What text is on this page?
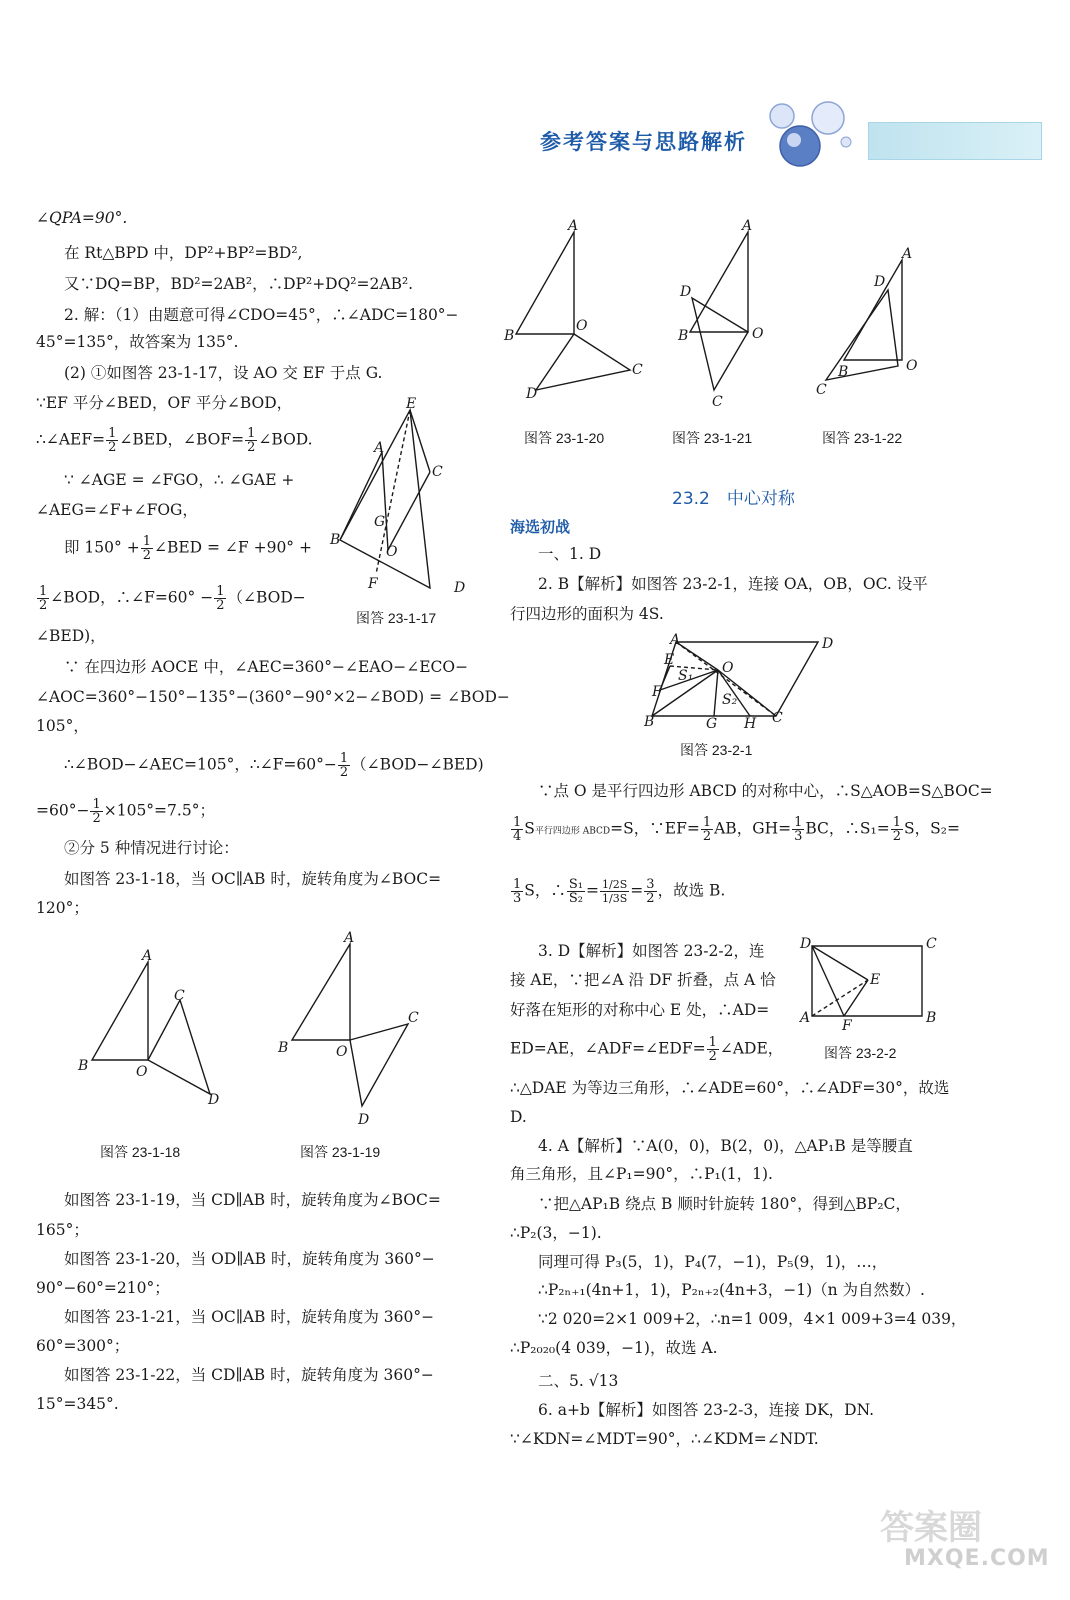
参考答案与思路解析
∠QPA=90°.
在 Rt△BPD 中，DP²+BP²=BD²,
又∵DQ=BP，BD²=2AB²，∴DP²+DQ²=2AB².
2. 解：（1）由题意可得∠CDO=45°，∴∠ADC=180°−
45°=135°，故答案为 135°.
(2) ①如图答 23-1-17，设 AO 交 EF 于点 G.
∵EF 平分∠BED，OF 平分∠BOD，
∴∠AEF= $\frac{1}{2}$ ∠BED，∠BOF= $\frac{1}{2}$ ∠BOD.
∵ ∠AGE = ∠FGO，∴ ∠GAE +
∠AEG=∠F+∠FOG，
即 $150^\circ + \frac{1}{2}$ ∠BED = ∠F +90° +
$\frac{1}{2}$ ∠BOD，∴∠F=60° − $\frac{1}{2}$ （∠BOD−
∠BED)，
E
A
C
G
B
O
F	D
图答 23-1-17
∵ 在四边形 AOCE 中，∠AEC=360°−∠EAO−∠ECO−
∠AOC=360°−150°−135°−(360°−90°×2−∠BOD) = ∠BOD−
105°，
∴∠BOD−∠AEC=105°，∴∠F=60°− $\frac{1}{2}$ （∠BOD−∠BED)
$=60^\circ- \frac{1}{2} \times 105^\circ=7.5^\circ$；
②分 5 种情况进行讨论：
如图答 23-1-18，当 OC∥AB 时，旋转角度为∠BOC=
120°；
A
B	O
C
D
图答 23-1-18
A
B	O
C
D
图答 23-1-19
如图答 23-1-19，当 CD∥AB 时，旋转角度为∠BOC=
165°；
如图答 23-1-20，当 OD∥AB 时，旋转角度为 360°−
90°−60°=210°；
如图答 23-1-21，当 OC∥AB 时，旋转角度为 360°−
60°=300°；
如图答 23-1-22，当 CD∥AB 时，旋转角度为 360°−
15°=345°.
A
B
O
C
D
图答 23-1-20
A
D
B	O
C
图答 23-1-21
A
D
B	O
C
图答 23-1-22
23.2　中心对称
海选初战
一、1. D
2. B【解析】如图答 23-2-1，连接 OA，OB，OC. 设平
行四边形的面积为 4S.
A	D
E	O
S₁
S₂
F
B	G H C
图答 23-2-1
∵点 O 是平行四边形 ABCD 的对称中心，∴S△AOB=S△BOC=
$\frac{1}{4}$ S平行四边形 ABCD=S，∵EF= $\frac{1}{2}$ AB，$GH= \frac{1}{3}$ BC，∴S₁= $\frac{1}{2}$ S，S₂=
$\frac{1}{3}$ S，∴ $\frac{\text{S₁}}{\text{S₂}} = \frac{1/2S}{1/3S} = \frac{3}{2}$ ，故选 B.
3. D【解析】如图答 23-2-2，连
接 AE，∵把∠A 沿 DF 折叠，点 A 恰
好落在矩形的对称中心 E 处，∴AD=
ED=AE，∠ADF=∠EDF= $\frac{1}{2}$ ∠ADE，
D	C
E
A F	B
图答 23-2-2
∴△DAE 为等边三角形，∴∠ADE=60°，∴∠ADF=30°，故选
D.
4. A【解析】∵A(0，0)，B(2，0)，△AP₁B 是等腰直
角三角形，且∠P₁=90°，∴P₁(1，1).
∵把△AP₁B 绕点 B 顺时针旋转 180°，得到△BP₂C，
∴P₂(3，−1).
同理可得 P₃(5，1)，P₄(7，−1)，P₅(9，1)，…，
∴P₂ₙ₊₁(4n+1，1)，P₂ₙ₊₂(4n+3，−1)（n 为自然数）.
∵2 020=2×1 009+2，∴n=1 009，4×1 009+3=4 039，
∴P₂₀₂₀(4 039，−1)，故选 A.
二、5. √13
6. a+b【解析】如图答 23-2-3，连接 DK，DN.
∵∠KDN=∠MDT=90°，∴∠KDM=∠NDT.
答案圈
MXQE.COM
